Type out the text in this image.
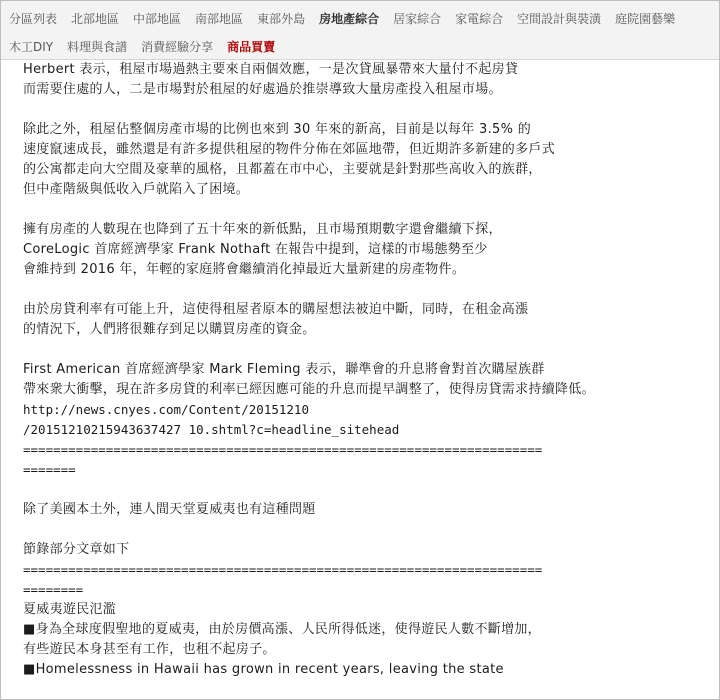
分區列表 北部地區 中部地區 南部地區 東部外島 房地產綜合 居家綜合 家電綜合 空間設計與裝潢 庭院園藝樂
木工DIY 料理與食譜 消費經驗分享 商品買賣

Herbert 表示，租屋市場過熱主要來自兩個效應，一是次貸風暴帶來大量付不起房貸

而需要住處的人，二是市場對於租屋的好處過於推崇導致大量房產投入租屋市場。

除此之外，租屋佔整個房產市場的比例也來到 30 年來的新高，目前是以每年 3.5% 的

速度竄速成長，雖然還是有許多提供租屋的物件分佈在郊區地帶，但近期許多新建的多戶式

的公寓都走向大空間及豪華的風格，且都蓋在市中心，主要就是針對那些高收入的族群，

但中產階級與低收入戶就陷入了困境。

擁有房產的人數現在也降到了五十年來的新低點，且市場預期數字還會繼續下探，

CoreLogic 首席經濟學家 Frank Nothaft 在報告中提到，這樣的市場態勢至少

會維持到 2016 年，年輕的家庭將會繼續消化掉最近大量新建的房產物件。

由於房貸利率有可能上升，這使得租屋者原本的購屋想法被迫中斷，同時，在租金高漲

的情況下，人們將很難存到足以購買房產的資金。

First American 首席經濟學家 Mark Fleming 表示，聯準會的升息將會對首次購屋族群

帶來衆大衝擊，現在許多房貸的利率已經因應可能的升息而提早調整了，使得房貸需求持續降低。

http://news.cnyes.com/Content/20151210

/20151210215943637427 10.shtml?c=headline_sitehead

=====================================================================

=======

除了美國本土外，連人間天堂夏威夷也有這種問題

節錄部分文章如下

=====================================================================

========

夏威夷遊民氾濫

■身為全球度假聖地的夏威夷，由於房價高漲、人民所得低迷，使得遊民人數不斷增加，

有些遊民本身甚至有工作，也租不起房子。

■Homelessness in Hawaii has grown in recent years, leaving the state
